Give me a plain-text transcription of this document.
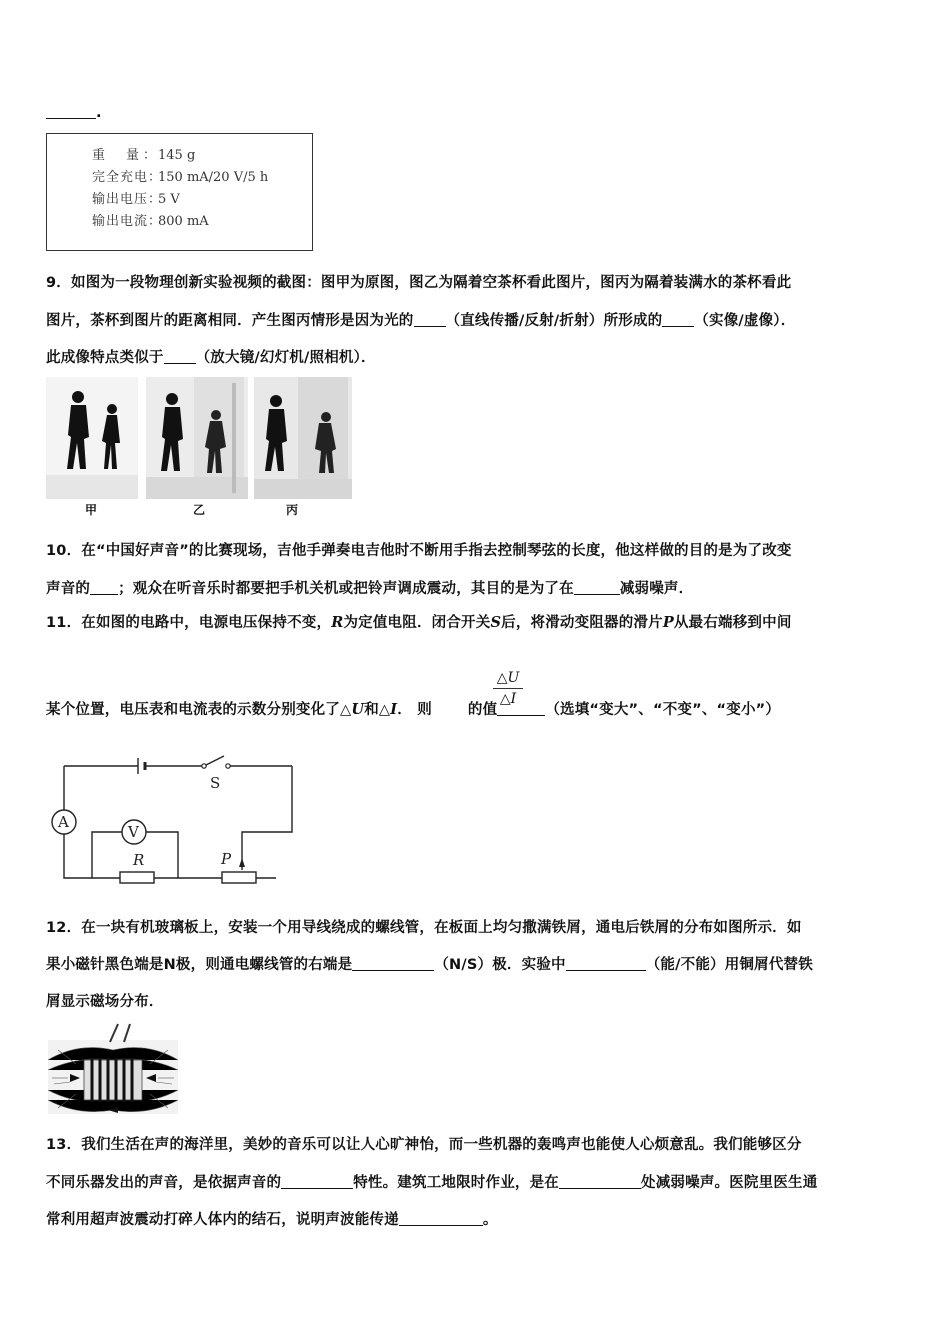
.
重　量：145 g
完全充电：150 mA/20 V/5 h
输出电压：5 V
输出电流：800 mA
9．如图为一段物理创新实验视频的截图：图甲为原图，图乙为隔着空茶杯看此图片，图丙为隔着装满水的茶杯看此
图片，茶杯到图片的距离相同．产生图丙情形是因为光的 （直线传播/反射/折射）所形成的 （实像/虚像）．
此成像特点类似于 （放大镜/幻灯机/照相机）．
甲	乙	丙
10．在“中国好声音”的比赛现场，吉他手弹奏电吉他时不断用手指去控制琴弦的长度，他这样做的目的是为了改变
声音的 ；观众在听音乐时都要把手机关机或把铃声调成震动，其目的是为了在	减弱噪声．
11．在如图的电路中，电源电压保持不变，R为定值电阻．闭合开关S后，将滑动变阻器的滑片P从最右端移到中间
$\frac{\triangle U}{\triangle I}$
某个位置，电压表和电流表的示数分别变化了△U和△I． 则 的值	（选填“变大”、“不变”、“变小”）
A
V
S
R	P
12．在一块有机玻璃板上，安装一个用导线绕成的螺线管，在板面上均匀撒满铁屑，通电后铁屑的分布如图所示．如
果小磁针黑色端是N极，则通电螺线管的右端是	（N/S）极．实验中	（能/不能）用铜屑代替铁
屑显示磁场分布．
13．我们生活在声的海洋里，美妙的音乐可以让人心旷神怡，而一些机器的轰鸣声也能使人心烦意乱。我们能够区分
不同乐器发出的声音，是依据声音的	特性。建筑工地限时作业，是在	处减弱噪声。医院里医生通
常利用超声波震动打碎人体内的结石，说明声波能传递	。
